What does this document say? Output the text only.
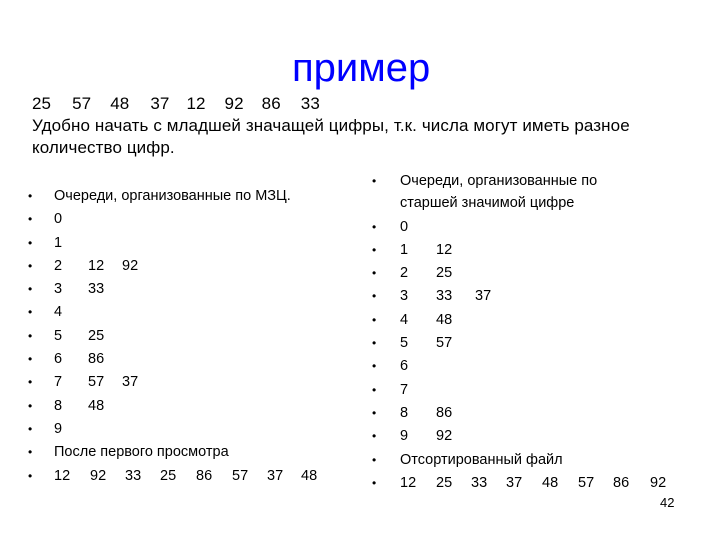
пример
25 57 48 37 12 92 86 33
Удобно начать с младшей значащей цифры, т.к. числа могут иметь разное
количество цифр.
• Очереди, организованные по МЗЦ.
• 0
• 1
• 2 12 92
• 3 33
• 4
• 5 25
• 6 86
• 7 57 37
• 8 48
• 9
• После первого просмотра
• 12 92 33 25 86 57 37 48
• Очереди, организованные по
старшей значимой цифре
• 0
• 1 12
• 2 25
• 3 33 37
• 4 48
• 5 57
• 6
• 7
• 8 86
• 9 92
• Отсортированный файл
• 12 25 33 37 48 57 86 92
42
